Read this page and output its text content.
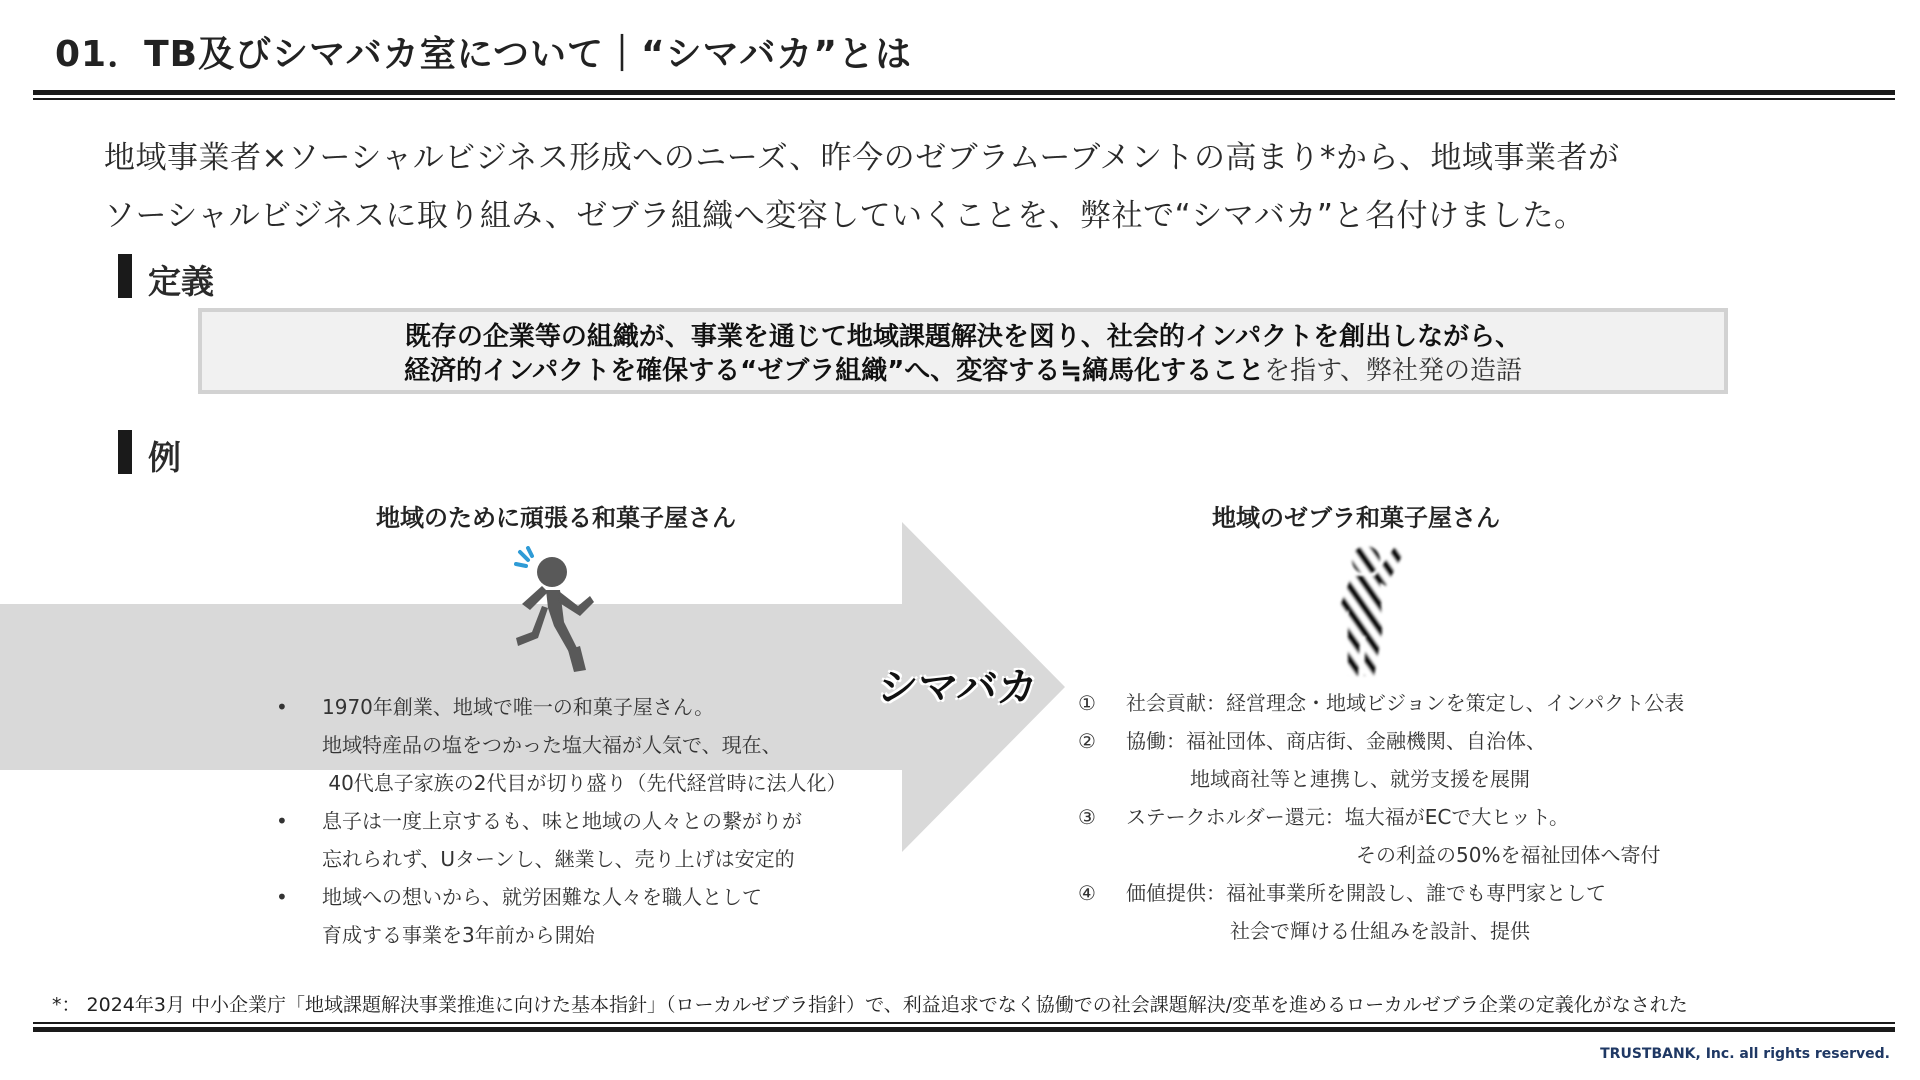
01．TB及びシマバカ室について｜“シマバカ”とは
地域事業者×ソーシャルビジネス形成へのニーズ、昨今のゼブラムーブメントの高まり*から、地域事業者が
ソーシャルビジネスに取り組み、ゼブラ組織へ変容していくことを、弊社で“シマバカ”と名付けました。
定義
既存の企業等の組織が、事業を通じて地域課題解決を図り、社会的インパクトを創出しながら、
経済的インパクトを確保する“ゼブラ組織”へ、変容する≒縞馬化することを指す、弊社発の造語
例
シマバカ
地域のために頑張る和菓子屋さん
• 1970年創業、地域で唯一の和菓子屋さん。
地域特産品の塩をつかった塩大福が人気で、現在、
40代息子家族の2代目が切り盛り（先代経営時に法人化）
• 息子は一度上京するも、味と地域の人々との繋がりが
忘れられず、Uターンし、継業し、売り上げは安定的
• 地域への想いから、就労困難な人々を職人として
育成する事業を3年前から開始
地域のゼブラ和菓子屋さん
① 社会貢献：経営理念・地域ビジョンを策定し、インパクト公表
② 協働：福祉団体、商店街、金融機関、自治体、
地域商社等と連携し、就労支援を展開
③ ステークホルダー還元：塩大福がECで大ヒット。
その利益の50%を福祉団体へ寄付
④ 価値提供：福祉事業所を開設し、誰でも専門家として
社会で輝ける仕組みを設計、提供
*： 2024年3月 中小企業庁「地域課題解決事業推進に向けた基本指針」（ローカルゼブラ指針）で、利益追求でなく協働での社会課題解決/変革を進めるローカルゼブラ企業の定義化がなされた
TRUSTBANK, Inc. all rights reserved.
